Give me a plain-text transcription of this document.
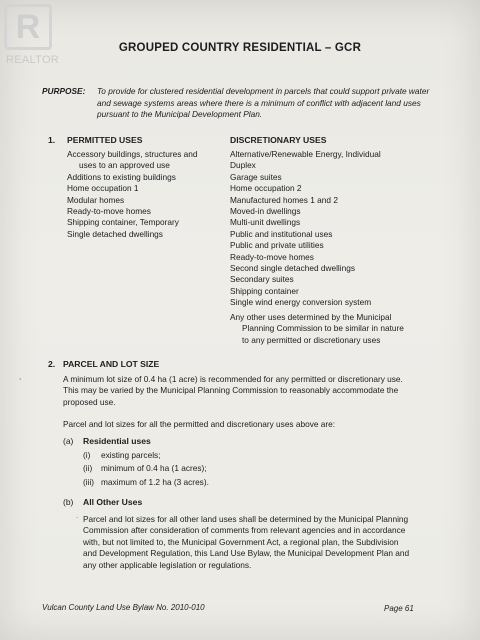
R
REALTOR
GROUPED COUNTRY RESIDENTIAL – GCR
PURPOSE: To provide for clustered residential development in parcels that could support private water and sewage systems areas where there is a minimum of conflict with adjacent land uses pursuant to the Municipal Development Plan.
1. PERMITTED USES	DISCRETIONARY USES
Accessory buildings, structures and
uses to an approved use
Additions to existing buildings
Home occupation 1
Modular homes
Ready-to-move homes
Shipping container, Temporary
Single detached dwellings
Alternative/Renewable Energy, Individual
Duplex
Garage suites
Home occupation 2
Manufactured homes 1 and 2
Moved-in dwellings
Multi-unit dwellings
Public and institutional uses
Public and private utilities
Ready-to-move homes
Second single detached dwellings
Secondary suites
Shipping container
Single wind energy conversion system
Any other uses determined by the Municipal
Planning Commission to be similar in nature
to any permitted or discretionary uses
2. PARCEL AND LOT SIZE
,	A minimum lot size of 0.4 ha (1 acre) is recommended for any permitted or discretionary use.
This may be varied by the Municipal Planning Commission to reasonably accommodate the
proposed use.
Parcel and lot sizes for all the permitted and discretionary uses above are:
(a) Residential uses
(i) existing parcels;
(ii) minimum of 0.4 ha (1 acres);
(iii) maximum of 1.2 ha (3 acres).
(b) All Other Uses
. Parcel and lot sizes for all other land uses shall be determined by the Municipal Planning
Commission after consideration of comments from relevant agencies and in accordance
with, but not limited to, the Municipal Government Act, a regional plan, the Subdivision
and Development Regulation, this Land Use Bylaw, the Municipal Development Plan and
any other applicable legislation or regulations.
Vulcan County Land Use Bylaw No. 2010-010	Page 61
